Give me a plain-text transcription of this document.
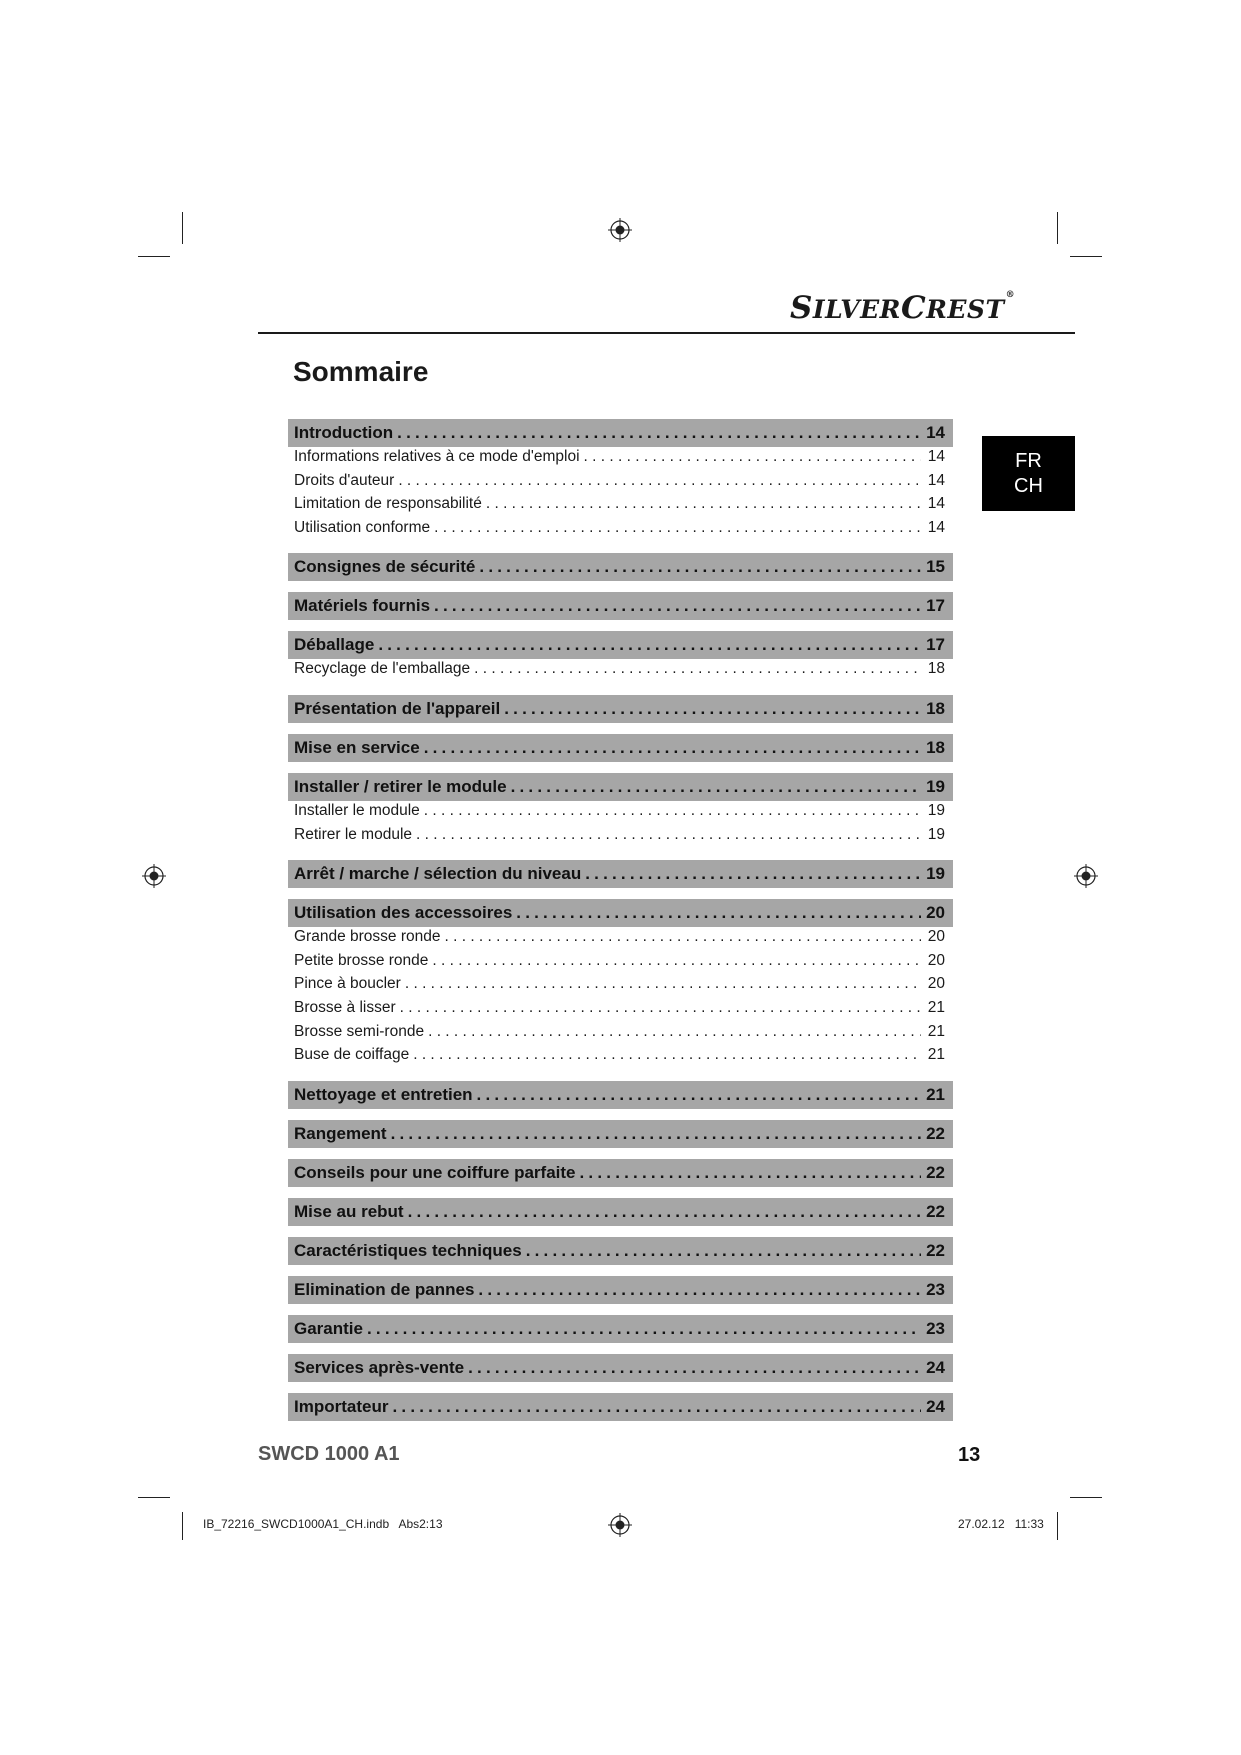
SILVERCREST®
Sommaire
FR
CH
Introduction .....	14
Informations relatives à ce mode d'emploi . . .	14
Droits d'auteur . . .	14
Limitation de responsabilité . . .	14
Utilisation conforme . . .	14
Consignes de sécurité .....	15
Matériels fournis .....	17
Déballage .....	17
Recyclage de l'emballage . . .	18
Présentation de l'appareil .....	18
Mise en service .....	18
Installer / retirer le module .....	19
Installer le module . . .	19
Retirer le module . . .	19
Arrêt / marche / sélection du niveau .....	19
Utilisation des accessoires .....	20
Grande brosse ronde . . .	20
Petite brosse ronde . . .	20
Pince à boucler . . .	20
Brosse à lisser . . .	21
Brosse semi-ronde . . .	21
Buse de coiffage . . .	21
Nettoyage et entretien .....	21
Rangement .....	22
Conseils pour une coiffure parfaite .....	22
Mise au rebut .....	22
Caractéristiques techniques .....	22
Elimination de pannes .....	23
Garantie .....	23
Services après-vente .....	24
Importateur .....	24
SWCD 1000 A1	13
IB_72216_SWCD1000A1_CH.indb   Abs2:13	27.02.12   11:33
